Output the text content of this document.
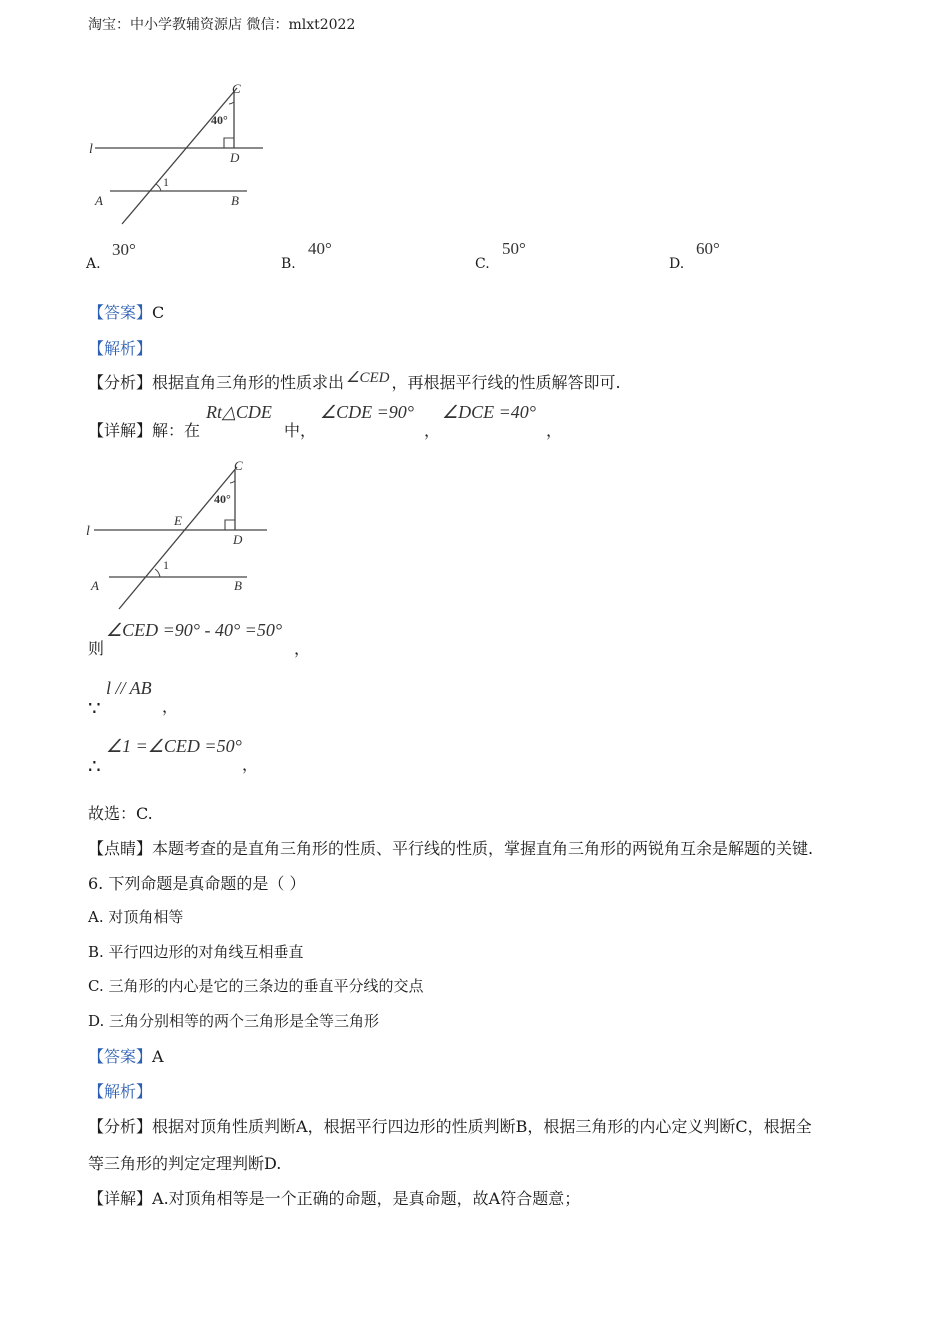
淘宝：中小学教辅资源店 微信：mlxt2022
C
40°
D
l
1
A	B
A.
30°
B.
40°
C.
50°
D.
60°
【答案】C
【解析】
【分析】根据直角三角形的性质求出 ∠CED ，再根据平行线的性质解答即可.
【详解】解：在
Rt△CDE
中，
∠CDE =90°
，
∠DCE =40°
，
C
40°
E
D
l
1
A	B
则
∠CED =90° - 40° =50°
，
∵
l // AB
，
∴
∠1 =∠CED =50°
，
故选：C.
【点睛】本题考查的是直角三角形的性质、平行线的性质，掌握直角三角形的两锐角互余是解题的关键.
6. 下列命题是真命题的是（ ）
A. 对顶角相等
B. 平行四边形的对角线互相垂直
C. 三角形的内心是它的三条边的垂直平分线的交点
D. 三角分别相等的两个三角形是全等三角形
【答案】A
【解析】
【分析】根据对顶角性质判断A，根据平行四边形的性质判断B，根据三角形的内心定义判断C，根据全
等三角形的判定定理判断D.
【详解】A.对顶角相等是一个正确的命题，是真命题，故A符合题意；
